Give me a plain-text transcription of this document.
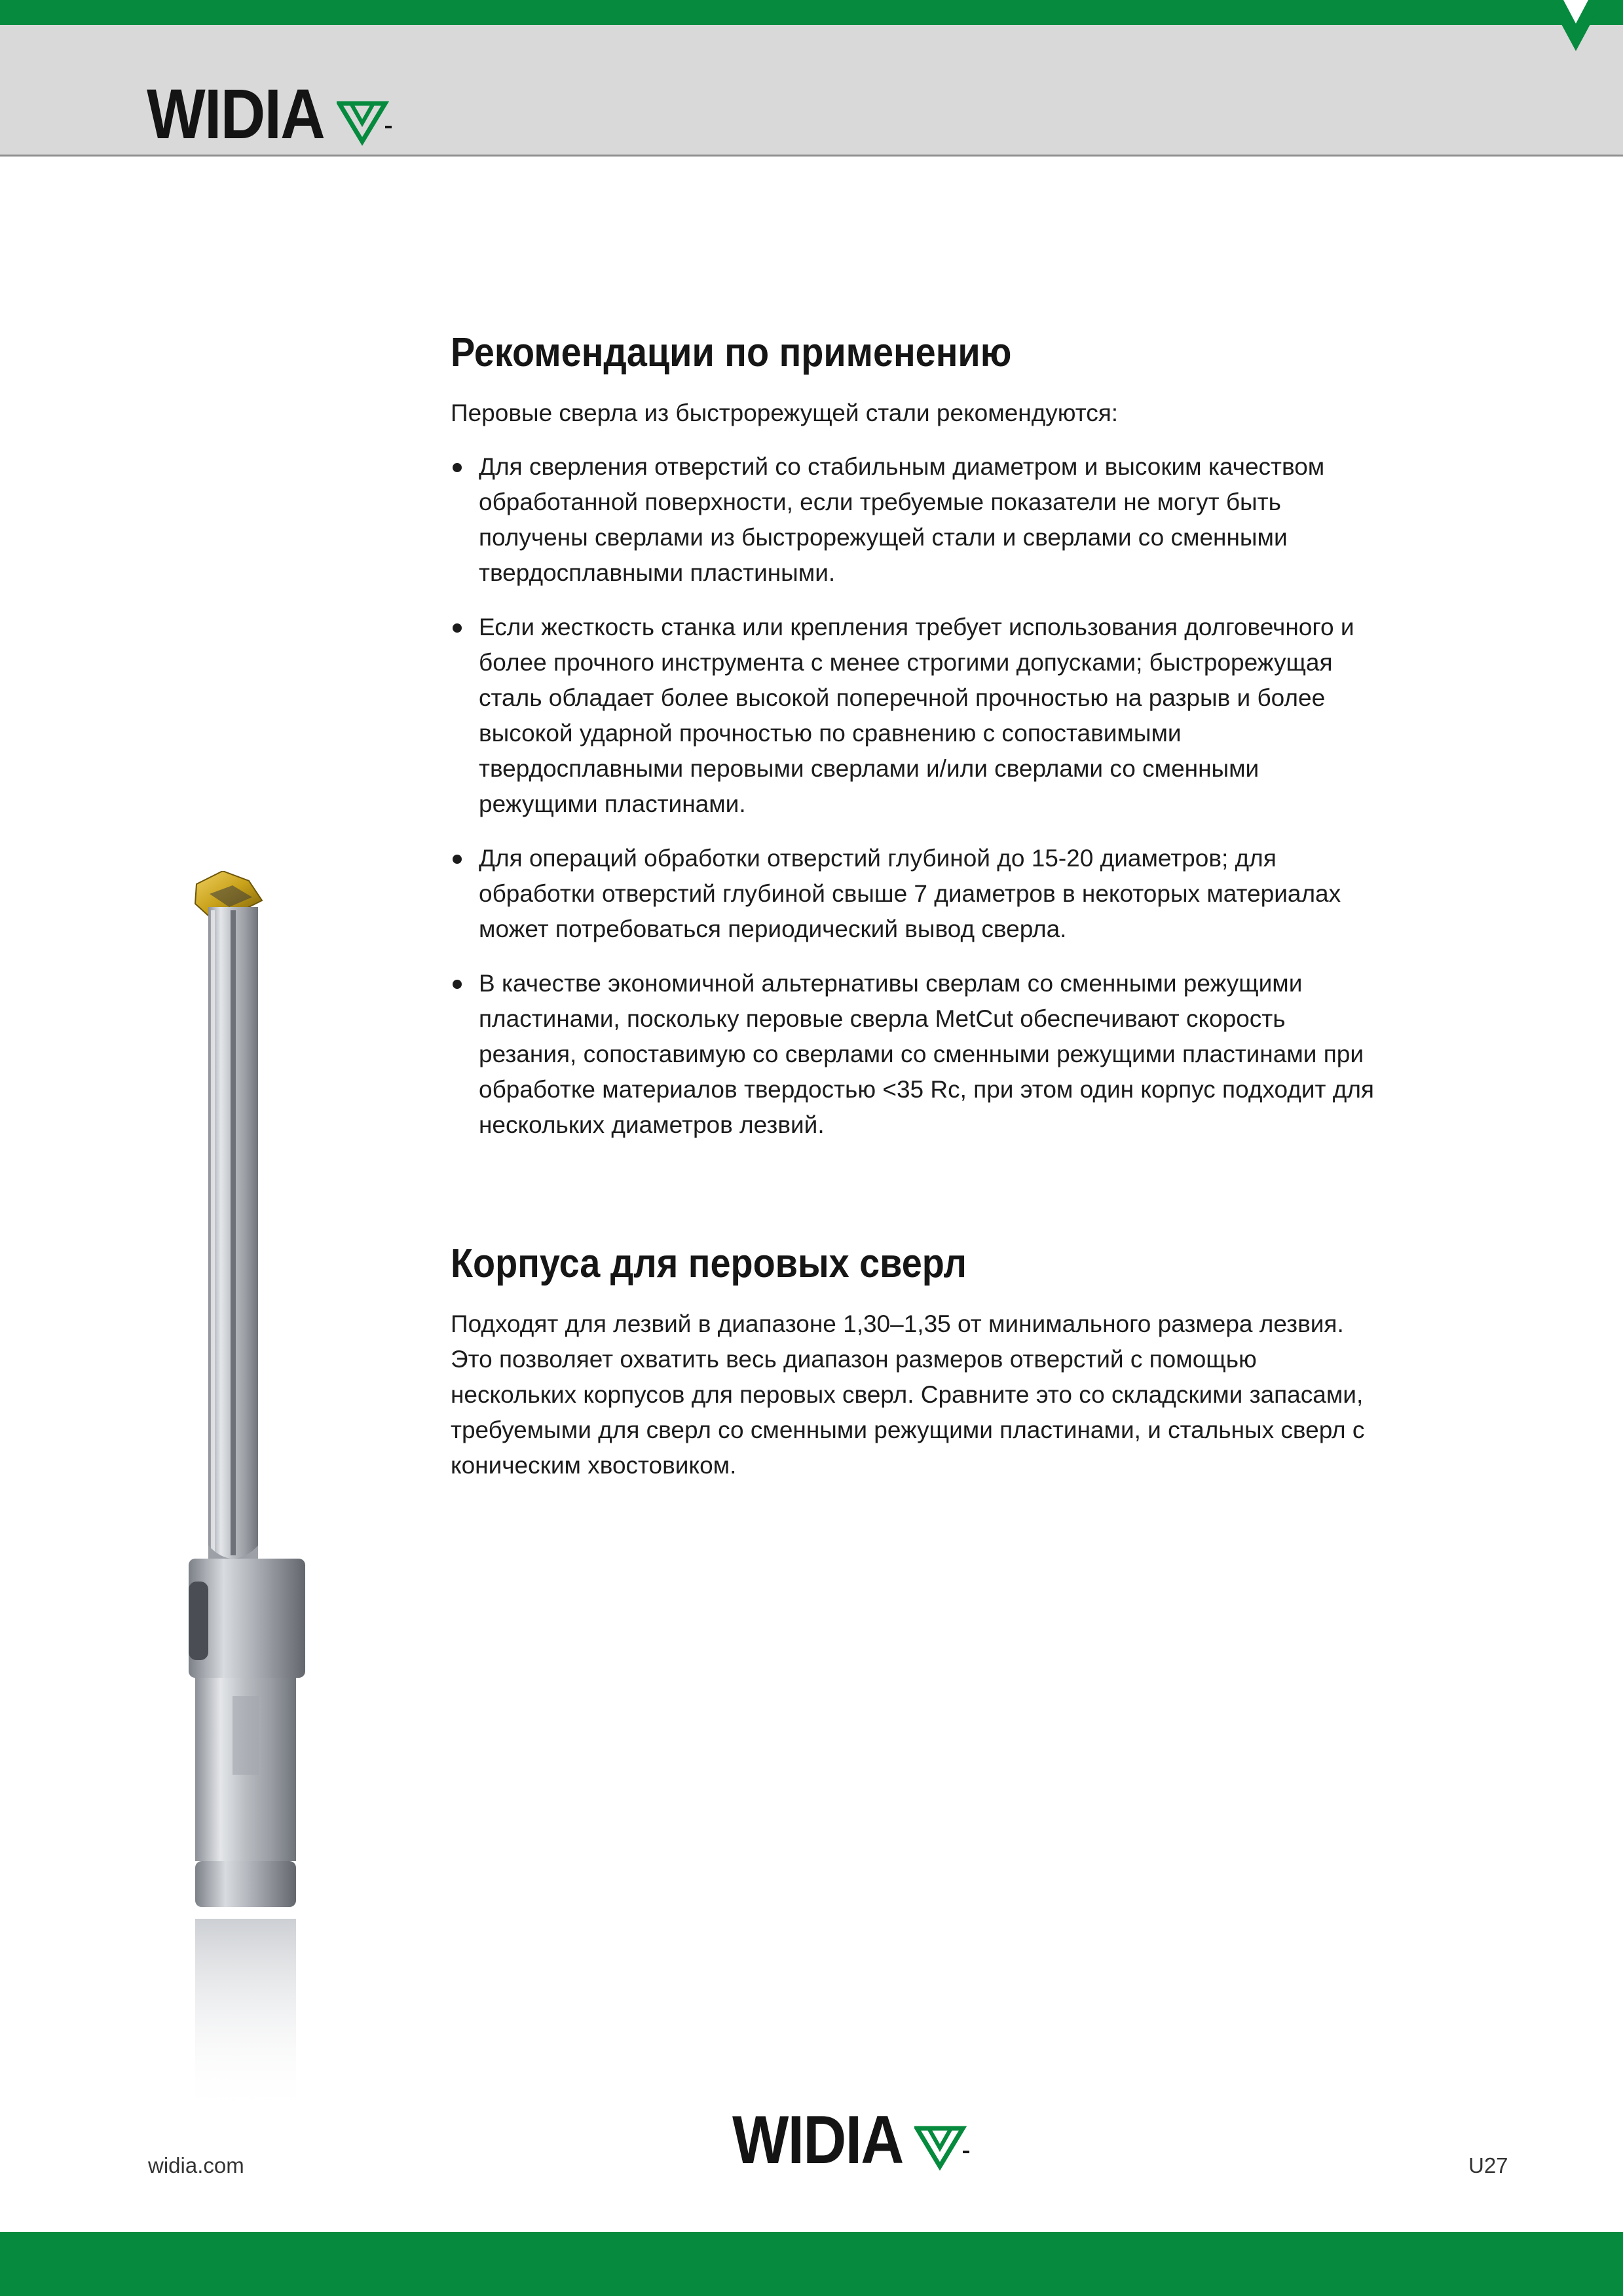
WIDIA
Рекомендации по применению

Перовые сверла из быстрорежущей стали рекомендуются:

Для сверления отверстий со стабильным диаметром и высоким качеством обработанной поверхности, если требуемые показатели не могут быть получены сверлами из быстрорежущей стали и сверлами со сменными твердосплавными пластиными.
Если жесткость станка или крепления требует использования долговечного и более прочного инструмента с менее строгими допусками; быстрорежущая сталь обладает более высокой поперечной прочностью на разрыв и более высокой ударной прочностью по сравнению с сопоставимыми твердосплавными перовыми сверлами и/или сверлами со сменными режущими пластинами.
Для операций обработки отверстий глубиной до 15-20 диаметров; для обработки отверстий глубиной свыше 7 диаметров в некоторых материалах может потребоваться периодический вывод сверла.
В качестве экономичной альтернативы сверлам со сменными режущими пластинами, поскольку перовые сверла MetCut обеспечивают скорость резания, сопоставимую со сверлами со сменными режущими пластинами при обработке материалов твердостью <35 Rc, при этом один корпус подходит для нескольких диаметров лезвий.
Корпуса для перовых сверл

Подходят для лезвий в диапазоне 1,30–1,35 от минимального размера лезвия. Это позволяет охватить весь диапазон размеров отверстий с помощью нескольких корпусов для перовых сверл. Сравните это со складскими запасами, требуемыми для сверл со сменными режущими пластинами, и стальных сверл с коническим хвостовиком.

widia.com	WIDIA	U27
